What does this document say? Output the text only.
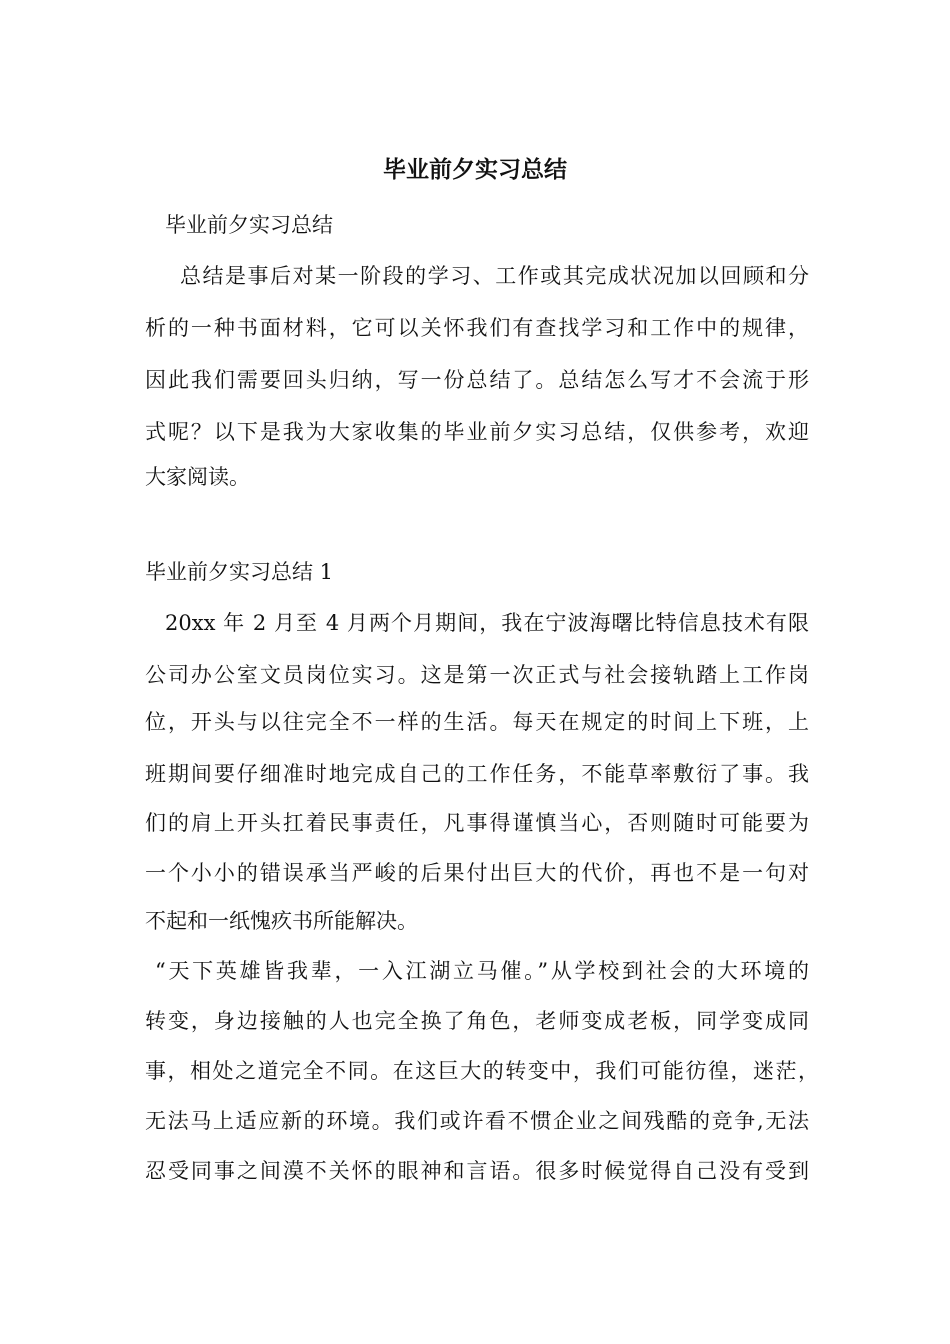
毕业前夕实习总结
毕业前夕实习总结
总结是事后对某一阶段的学习、工作或其完成状况加以回顾和分
析的一种书面材料，它可以关怀我们有查找学习和工作中的规律，
因此我们需要回头归纳，写一份总结了。总结怎么写才不会流于形
式呢？以下是我为大家收集的毕业前夕实习总结，仅供参考，欢迎
大家阅读。
毕业前夕实习总结 1
20xx 年 2 月至 4 月两个月期间，我在宁波海曙比特信息技术有限
公司办公室文员岗位实习。这是第一次正式与社会接轨踏上工作岗
位，开头与以往完全不一样的生活。每天在规定的时间上下班，上
班期间要仔细准时地完成自己的工作任务，不能草率敷衍了事。我
们的肩上开头扛着民事责任，凡事得谨慎当心，否则随时可能要为
一个小小的错误承当严峻的后果付出巨大的代价，再也不是一句对
不起和一纸愧疚书所能解决。
“天下英雄皆我辈，一入江湖立马催。”从学校到社会的大环境的
转变，身边接触的人也完全换了角色，老师变成老板，同学变成同
事，相处之道完全不同。在这巨大的转变中，我们可能彷徨，迷茫，
无法马上适应新的环境。我们或许看不惯企业之间残酷的竞争,无法
忍受同事之间漠不关怀的眼神和言语。很多时候觉得自己没有受到
